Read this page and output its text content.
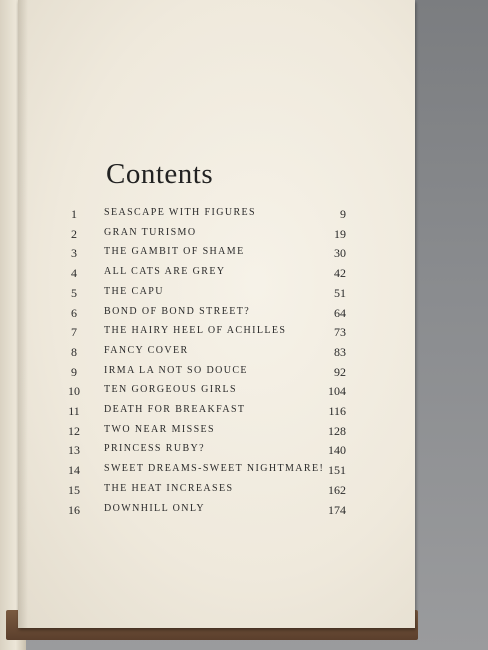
Contents
1	SEASCAPE WITH FIGURES	9
2	GRAN TURISMO	19
3	THE GAMBIT OF SHAME	30
4	ALL CATS ARE GREY	42
5	THE CAPU	51
6	BOND OF BOND STREET?	64
7	THE HAIRY HEEL OF ACHILLES	73
8	FANCY COVER	83
9	IRMA LA NOT SO DOUCE	92
10	TEN GORGEOUS GIRLS	104
11	DEATH FOR BREAKFAST	116
12	TWO NEAR MISSES	128
13	PRINCESS RUBY?	140
14	SWEET DREAMS-SWEET NIGHTMARE! 151
15	THE HEAT INCREASES	162
16	DOWNHILL ONLY	174
